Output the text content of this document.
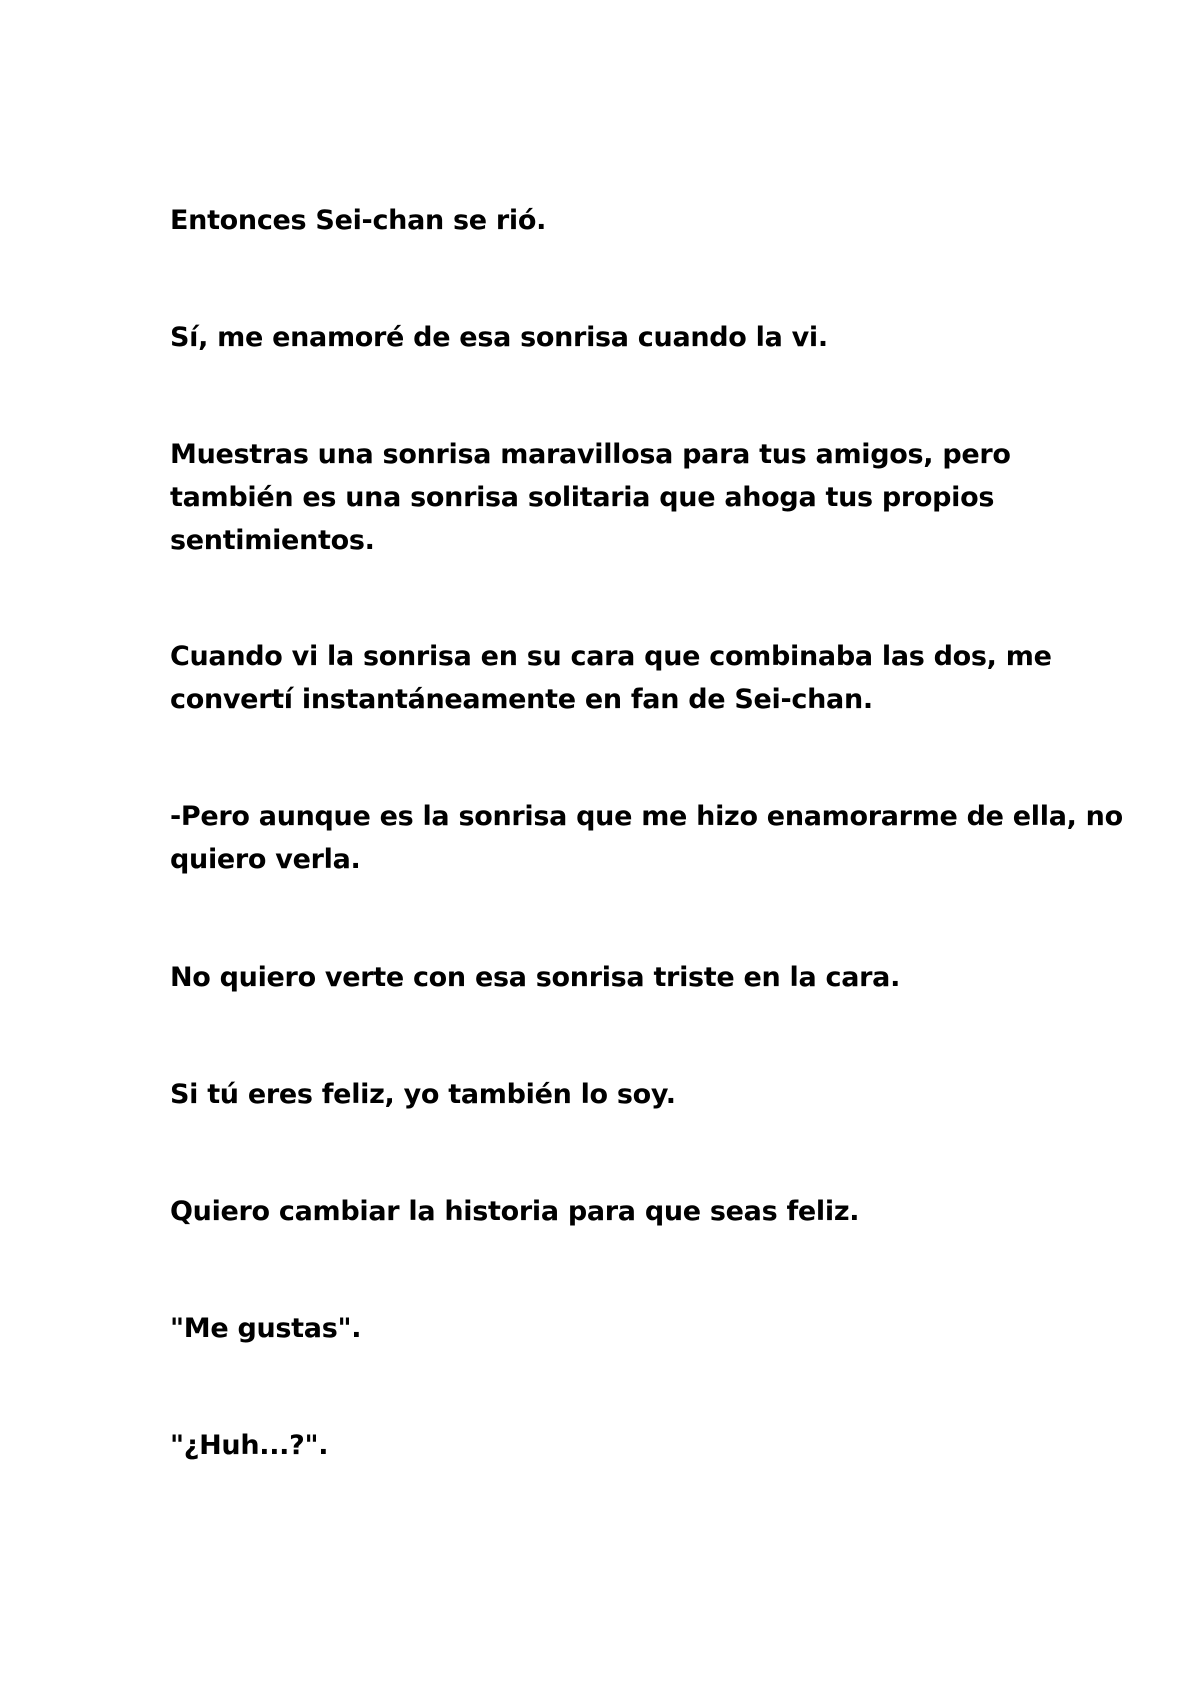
Entonces Sei-chan se rió.

Sí, me enamoré de esa sonrisa cuando la vi.

Muestras una sonrisa maravillosa para tus amigos, pero
también es una sonrisa solitaria que ahoga tus propios
sentimientos.

Cuando vi la sonrisa en su cara que combinaba las dos, me
convertí instantáneamente en fan de Sei-chan.

-Pero aunque es la sonrisa que me hizo enamorarme de ella, no
quiero verla.

No quiero verte con esa sonrisa triste en la cara.

Si tú eres feliz, yo también lo soy.

Quiero cambiar la historia para que seas feliz.

"Me gustas".

"¿Huh...?".
